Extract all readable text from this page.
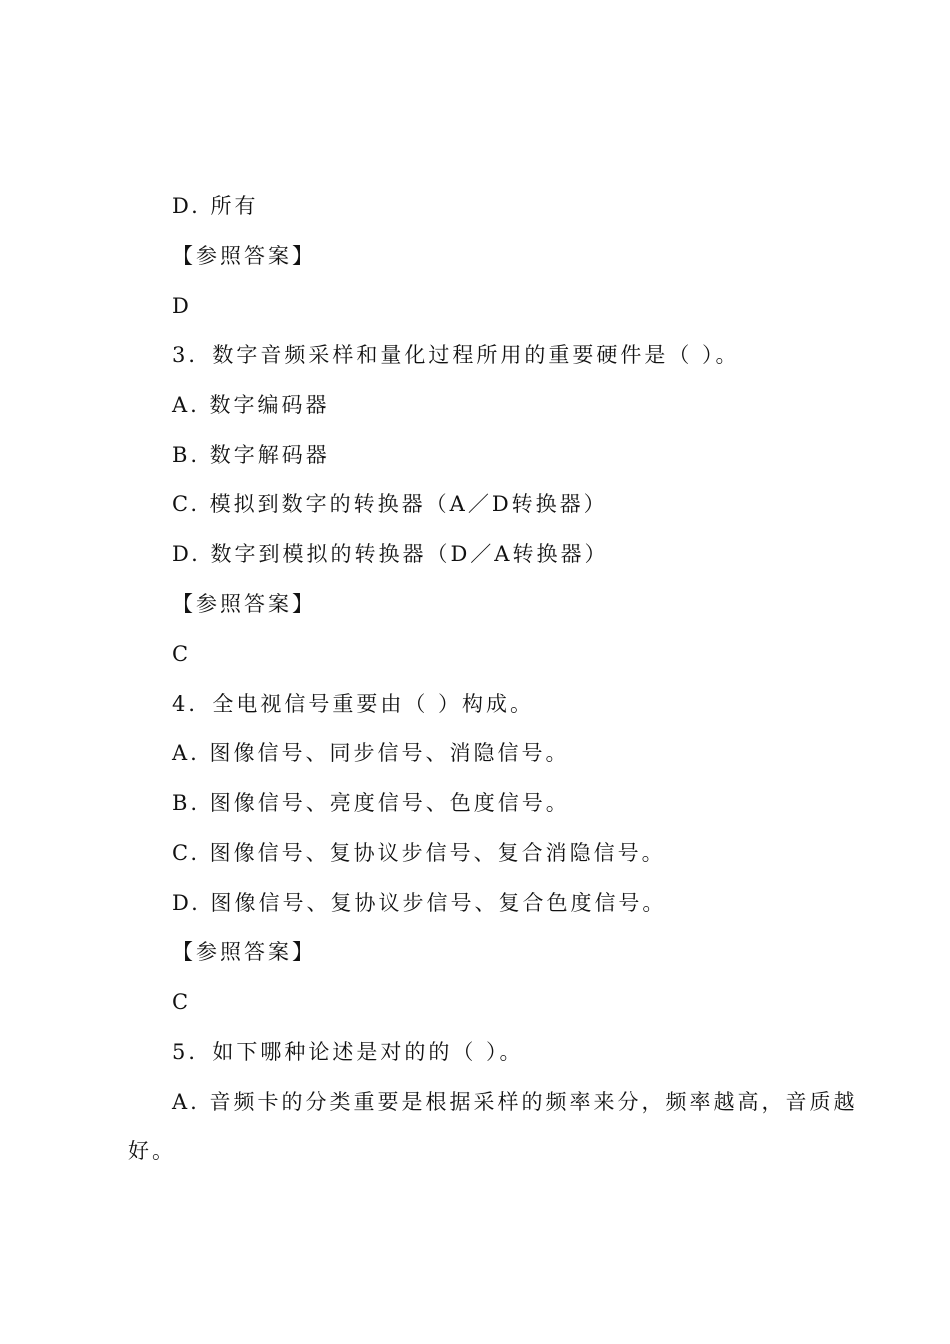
D. 所有
【参照答案】
D
3．数字音频采样和量化过程所用的重要硬件是（ ）。
A. 数字编码器
B. 数字解码器
C. 模拟到数字的转换器（A／D转换器）
D. 数字到模拟的转换器（D／A转换器）
【参照答案】
C
4．全电视信号重要由（ ）构成。
A. 图像信号、同步信号、消隐信号。
B. 图像信号、亮度信号、色度信号。
C. 图像信号、复协议步信号、复合消隐信号。
D. 图像信号、复协议步信号、复合色度信号。
【参照答案】
C
5．如下哪种论述是对的的（ ）。
A. 音频卡的分类重要是根据采样的频率来分，频率越高，音质越
好。
